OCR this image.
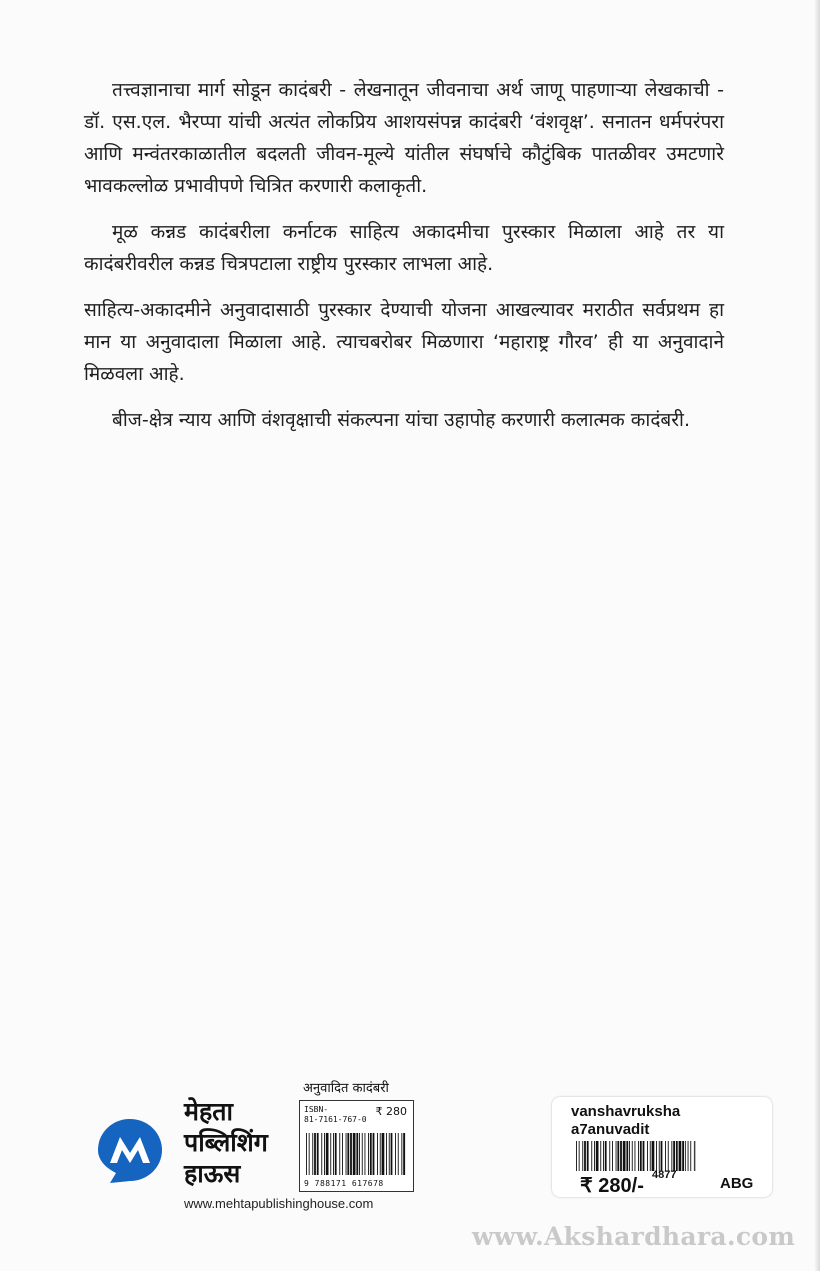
तत्त्वज्ञानाचा मार्ग सोडून कादंबरी - लेखनातून जीवनाचा अर्थ जाणू पाहणाऱ्या लेखकाची - डॉ. एस.एल. भैरप्पा यांची अत्यंत लोकप्रिय आशयसंपन्न कादंबरी ‘वंशवृक्ष’. सनातन धर्मपरंपरा आणि मन्वंतरकाळातील बदलती जीवन-मूल्ये यांतील संघर्षाचे कौटुंबिक पातळीवर उमटणारे भावकल्लोळ प्रभावीपणे चित्रित करणारी कलाकृती.

मूळ कन्नड कादंबरीला कर्नाटक साहित्य अकादमीचा पुरस्कार मिळाला आहे तर या कादंबरीवरील कन्नड चित्रपटाला राष्ट्रीय पुरस्कार लाभला आहे.

साहित्य-अकादमीने अनुवादासाठी पुरस्कार देण्याची योजना आखल्यावर मराठीत सर्वप्रथम हा मान या अनुवादाला मिळाला आहे. त्याचबरोबर मिळणारा ‘महाराष्ट्र गौरव’ ही या अनुवादाने मिळवला आहे.

बीज-क्षेत्र न्याय आणि वंशवृक्षाची संकल्पना यांचा उहापोह करणारी कलात्मक कादंबरी.

मेहता
पब्लिशिंग
हाऊस
www.mehtapublishinghouse.com
अनुवादित कादंबरी
ISBN-
81-7161-767-0
₹ 280
9 788171 617678
vanshavruksha
a7anuvadit
₹ 280/- 4877	ABG
www.Akshardhara.com
